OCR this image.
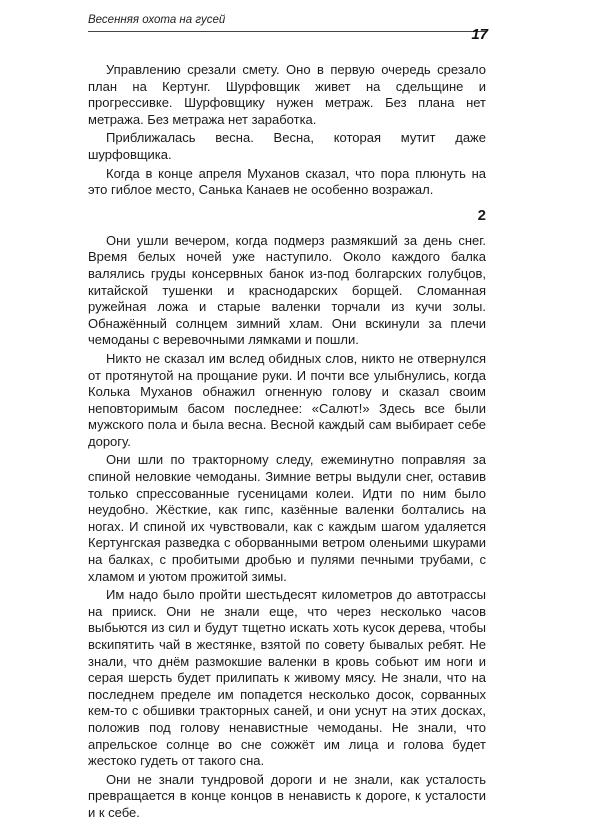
Весенняя охота на гусей
17

Управлению срезали смету. Оно в первую очередь срезало план на Кертунг. Шурфовщик живет на сдельщине и прогрессивке. Шурфовщику нужен метраж. Без плана нет метража. Без метража нет заработка.

Приближалась весна. Весна, которая мутит даже шурфовщика.

Когда в конце апреля Муханов сказал, что пора плюнуть на это гиблое место, Санька Канаев не особенно возражал.

2

Они ушли вечером, когда подмерз размякший за день снег. Время белых ночей уже наступило. Около каждого балка валялись груды консервных банок из-под болгарских голубцов, китайской тушенки и краснодарских борщей. Сломанная ружейная ложа и старые валенки торчали из кучи золы. Обнажённый солнцем зимний хлам. Они вскинули за плечи чемоданы с веревочными лямками и пошли.

Никто не сказал им вслед обидных слов, никто не отвернулся от протянутой на прощание руки. И почти все улыбнулись, когда Колька Муханов обнажил огненную голову и сказал своим неповторимым басом последнее: «Салют!» Здесь все были мужского пола и была весна. Весной каждый сам выбирает себе дорогу.

Они шли по тракторному следу, ежеминутно поправляя за спиной неловкие чемоданы. Зимние ветры выдули снег, оставив только спрессованные гусеницами колеи. Идти по ним было неудобно. Жёсткие, как гипс, казённые валенки болтались на ногах. И спиной их чувствовали, как с каждым шагом удаляется Кертунгская разведка с оборванными ветром оленьими шкурами на балках, с пробитыми дробью и пулями печными трубами, с хламом и уютом прожитой зимы.

Им надо было пройти шестьдесят километров до автотрассы на прииск. Они не знали еще, что через несколько часов выбьются из сил и будут тщетно искать хоть кусок дерева, чтобы вскипятить чай в жестянке, взятой по совету бывалых ребят. Не знали, что днём размокшие валенки в кровь собьют им ноги и серая шерсть будет прилипать к живому мясу. Не знали, что на последнем пределе им попадется несколько досок, сорванных кем-то с обшивки тракторных саней, и они уснут на этих досках, положив под голову ненавистные чемоданы. Не знали, что апрельское солнце во сне сожжёт им лица и голова будет жестоко гудеть от такого сна.

Они не знали тундровой дороги и не знали, как усталость превращается в конце концов в ненависть к дороге, к усталости и к себе.
